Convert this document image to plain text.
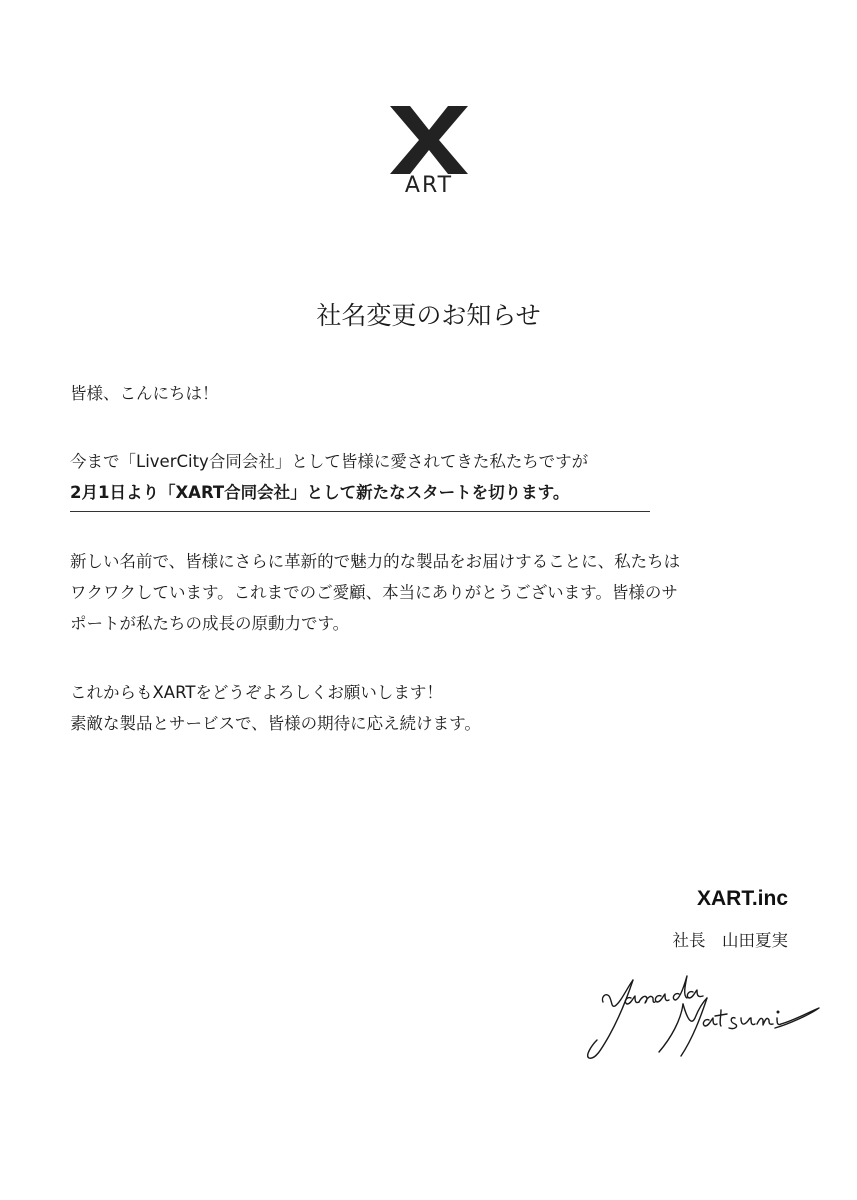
ART
社名変更のお知らせ

皆様、こんにちは！

今まで「LiverCity合同会社」として皆様に愛されてきた私たちですが
2月1日より「XART合同会社」として新たなスタートを切ります。

新しい名前で、皆様にさらに革新的で魅力的な製品をお届けすることに、私たちは
ワクワクしています。これまでのご愛顧、本当にありがとうございます。皆様のサ
ポートが私たちの成長の原動力です。

これからもXARTをどうぞよろしくお願いします！
素敵な製品とサービスで、皆様の期待に応え続けます。

XART.inc
社長　山田夏実
